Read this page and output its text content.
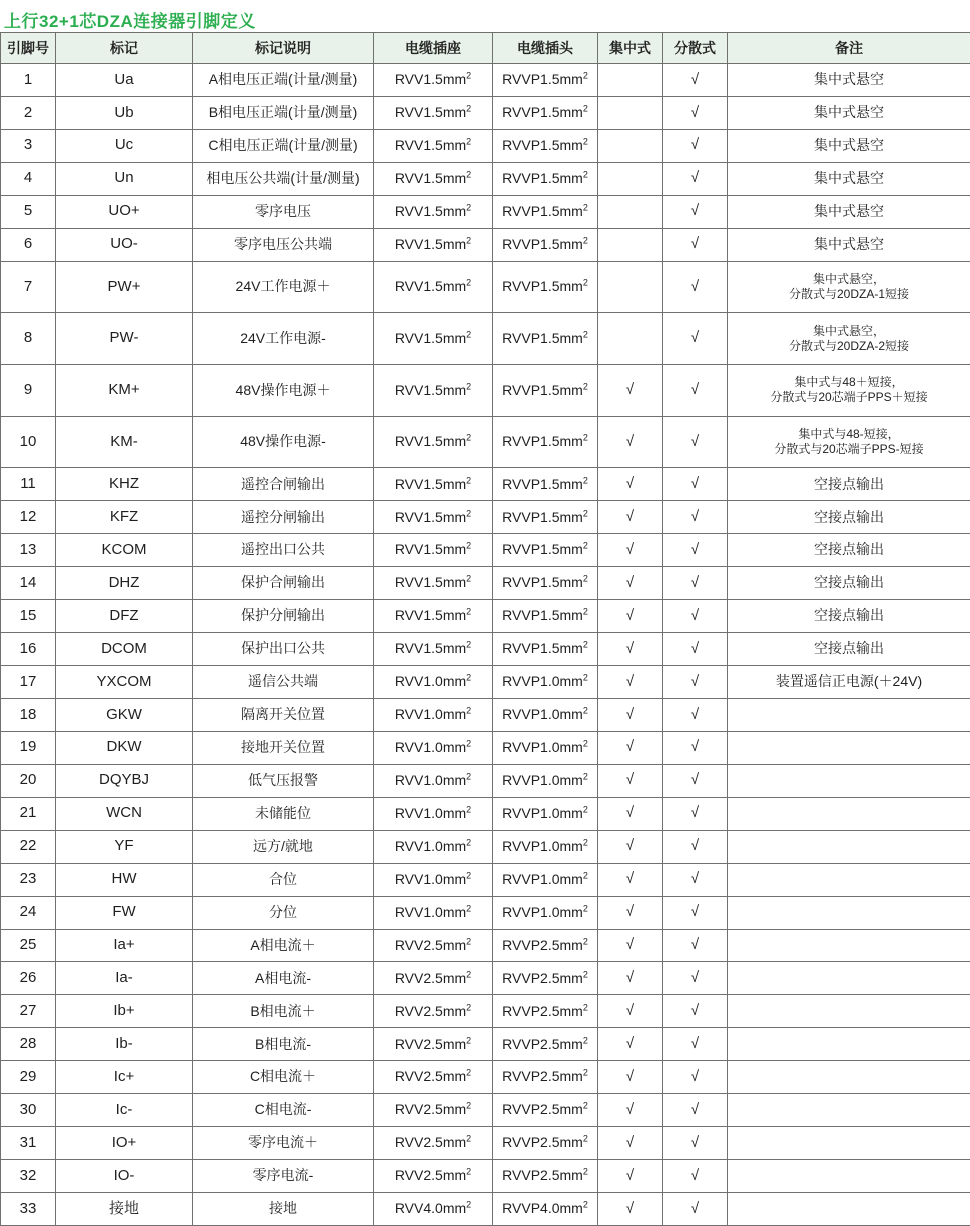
上行32+1芯DZA连接器引脚定义
引脚号	标记	标记说明	电缆插座	电缆插头	集中式	分散式	备注
1	Ua	A相电压正端(计量/测量)	$RVV1.5mm^2$	$RVVP1.5mm^2$		√	集中式悬空
2	Ub	B相电压正端(计量/测量)	$RVV1.5mm^2$	$RVVP1.5mm^2$		√	集中式悬空
3	Uc	C相电压正端(计量/测量)	$RVV1.5mm^2$	$RVVP1.5mm^2$		√	集中式悬空
4	Un	相电压公共端(计量/测量)	$RVV1.5mm^2$	$RVVP1.5mm^2$		√	集中式悬空
5	UO+	零序电压	$RVV1.5mm^2$	$RVVP1.5mm^2$		√	集中式悬空
6	UO-	零序电压公共端	$RVV1.5mm^2$	$RVVP1.5mm^2$		√	集中式悬空
7	PW+	24V工作电源＋	$RVV1.5mm^2$	$RVVP1.5mm^2$		√	集中式悬空，
分散式与20DZA-1短接
8	PW-	24V工作电源-	$RVV1.5mm^2$	$RVVP1.5mm^2$		√	集中式悬空，
分散式与20DZA-2短接
9	KM+	48V操作电源＋	$RVV1.5mm^2$	$RVVP1.5mm^2$	√	√	集中式与48＋短接，
分散式与20芯端子PPS＋短接
10	KM-	48V操作电源-	$RVV1.5mm^2$	$RVVP1.5mm^2$	√	√	集中式与48-短接，
分散式与20芯端子PPS-短接
11	KHZ	遥控合闸输出	$RVV1.5mm^2$	$RVVP1.5mm^2$	√	√	空接点输出
12	KFZ	遥控分闸输出	$RVV1.5mm^2$	$RVVP1.5mm^2$	√	√	空接点输出
13	KCOM	遥控出口公共	$RVV1.5mm^2$	$RVVP1.5mm^2$	√	√	空接点输出
14	DHZ	保护合闸输出	$RVV1.5mm^2$	$RVVP1.5mm^2$	√	√	空接点输出
15	DFZ	保护分闸输出	$RVV1.5mm^2$	$RVVP1.5mm^2$	√	√	空接点输出
16	DCOM	保护出口公共	$RVV1.5mm^2$	$RVVP1.5mm^2$	√	√	空接点输出
17	YXCOM	遥信公共端	$RVV1.0mm^2$	$RVVP1.0mm^2$	√	√	装置遥信正电源(＋24V)
18	GKW	隔离开关位置	$RVV1.0mm^2$	$RVVP1.0mm^2$	√	√	
19	DKW	接地开关位置	$RVV1.0mm^2$	$RVVP1.0mm^2$	√	√	
20	DQYBJ	低气压报警	$RVV1.0mm^2$	$RVVP1.0mm^2$	√	√	
21	WCN	未储能位	$RVV1.0mm^2$	$RVVP1.0mm^2$	√	√	
22	YF	远方/就地	$RVV1.0mm^2$	$RVVP1.0mm^2$	√	√	
23	HW	合位	$RVV1.0mm^2$	$RVVP1.0mm^2$	√	√	
24	FW	分位	$RVV1.0mm^2$	$RVVP1.0mm^2$	√	√	
25	Ia+	A相电流＋	$RVV2.5mm^2$	$RVVP2.5mm^2$	√	√	
26	Ia-	A相电流-	$RVV2.5mm^2$	$RVVP2.5mm^2$	√	√	
27	Ib+	B相电流＋	$RVV2.5mm^2$	$RVVP2.5mm^2$	√	√	
28	Ib-	B相电流-	$RVV2.5mm^2$	$RVVP2.5mm^2$	√	√	
29	Ic+	C相电流＋	$RVV2.5mm^2$	$RVVP2.5mm^2$	√	√	
30	Ic-	C相电流-	$RVV2.5mm^2$	$RVVP2.5mm^2$	√	√	
31	IO+	零序电流＋	$RVV2.5mm^2$	$RVVP2.5mm^2$	√	√	
32	IO-	零序电流-	$RVV2.5mm^2$	$RVVP2.5mm^2$	√	√	
33	接地	接地	$RVV4.0mm^2$	$RVVP4.0mm^2$	√	√	
